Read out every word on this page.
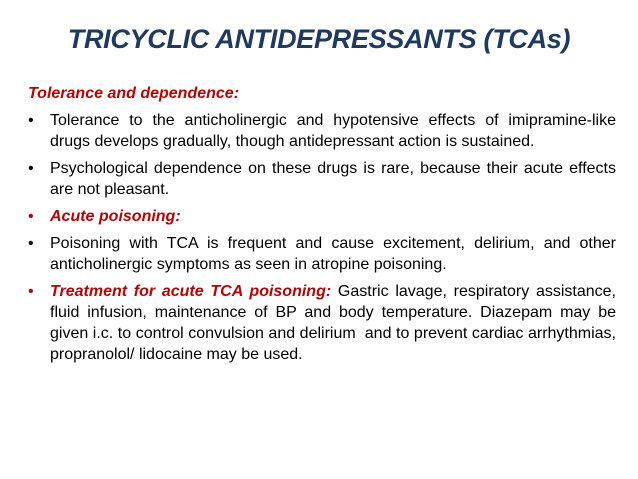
TRICYCLIC ANTIDEPRESSANTS (TCAs)
Tolerance and dependence:
• Tolerance to the anticholinergic and hypotensive effects of imipramine-like drugs develops gradually, though antidepressant action is sustained.
• Psychological dependence on these drugs is rare, because their acute effects are not pleasant.
• Acute poisoning:
• Poisoning with TCA is frequent and cause excitement, delirium, and other anticholinergic symptoms as seen in atropine poisoning.
• Treatment for acute TCA poisoning: Gastric lavage, respiratory assistance, fluid infusion, maintenance of BP and body temperature. Diazepam may be given i.c. to control convulsion and delirium  and to prevent cardiac arrhythmias, propranolol/ lidocaine may be used.
